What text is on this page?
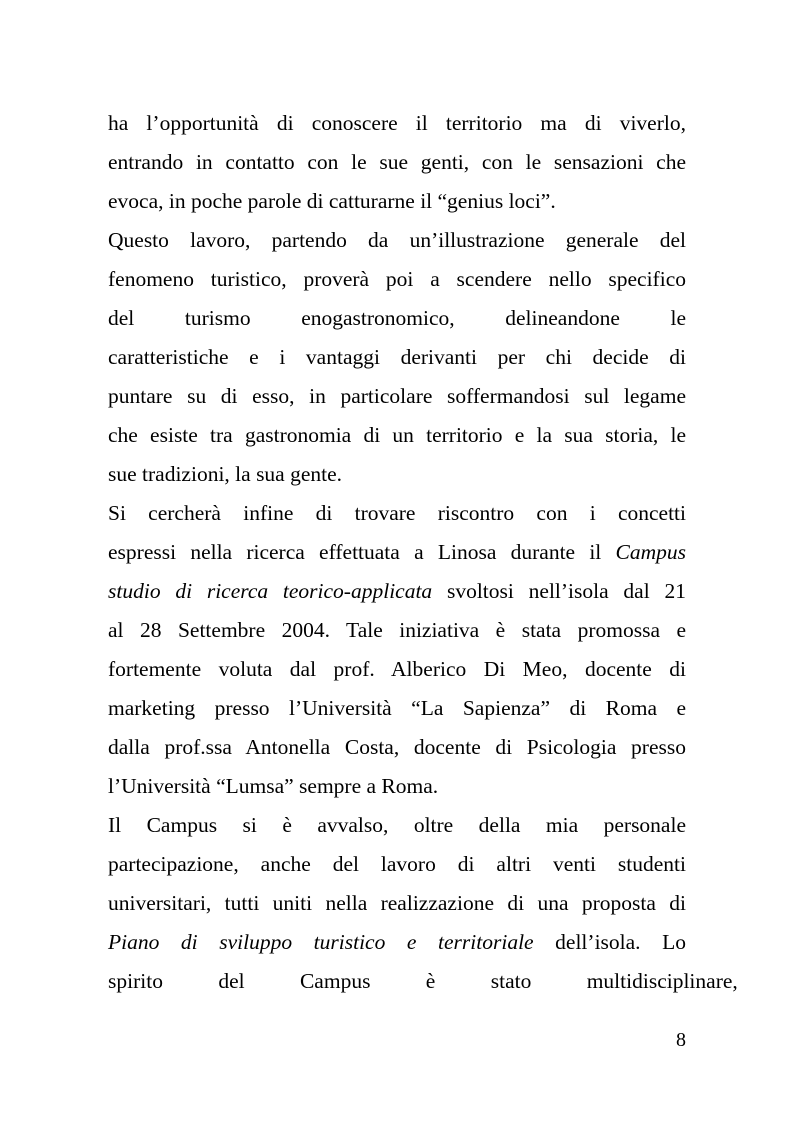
ha l’opportunità di conoscere il territorio ma di viverlo,
entrando in contatto con le sue genti, con le sensazioni che
evoca, in poche parole di catturarne il “genius loci”.
Questo lavoro, partendo da un’illustrazione generale del
fenomeno turistico, proverà poi a scendere nello specifico
del turismo enogastronomico, delineandone le
caratteristiche e i vantaggi derivanti per chi decide di
puntare su di esso, in particolare soffermandosi sul legame
che esiste tra gastronomia di un territorio e la sua storia, le
sue tradizioni, la sua gente.
Si cercherà infine di trovare riscontro con i concetti
espressi nella ricerca effettuata a Linosa durante il Campus
studio di ricerca teorico-applicata svoltosi nell’isola dal 21
al 28 Settembre 2004. Tale iniziativa è stata promossa e
fortemente voluta dal prof. Alberico Di Meo, docente di
marketing presso l’Università “La Sapienza” di Roma e
dalla prof.ssa Antonella Costa, docente di Psicologia presso
l’Università “Lumsa” sempre a Roma.
Il Campus si è avvalso, oltre della mia personale
partecipazione, anche del lavoro di altri venti studenti
universitari, tutti uniti nella realizzazione di una proposta di
Piano di sviluppo turistico e territoriale dell’isola. Lo
spirito del Campus è stato multidisciplinare,
8
